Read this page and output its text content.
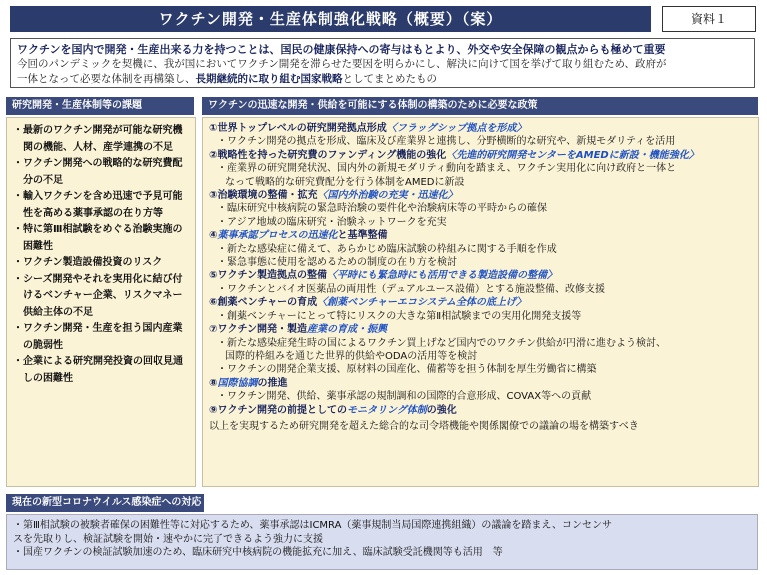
ワクチン開発・生産体制強化戦略（概要）（案）	資料１
ワクチンを国内で開発・生産出来る力を持つことは、国民の健康保持への寄与はもとより、外交や安全保障の観点からも極めて重要
今回のパンデミックを契機に、我が国においてワクチン開発を滞らせた要因を明らかにし、解決に向けて国を挙げて取り組むため、政府が
一体となって必要な体制を再構築し、長期継続的に取り組む国家戦略としてまとめたもの
研究開発・生産体制等の課題	ワクチンの迅速な開発・供給を可能にする体制の構築のために必要な政策
・最新のワクチン開発が可能な研究機関の機能、人材、産学連携の不足
・ワクチン開発への戦略的な研究費配分の不足
・輸入ワクチンを含め迅速で予見可能性を高める薬事承認の在り方等
・特に第Ⅲ相試験をめぐる治験実施の困難性
・ワクチン製造設備投資のリスク
・シーズ開発やそれを実用化に結び付けるベンチャー企業、リスクマネー供給主体の不足
・ワクチン開発・生産を担う国内産業の脆弱性
・企業による研究開発投資の回収見通しの困難性
①世界トップレベルの研究開発拠点形成〈フラッグシップ拠点を形成〉
・ワクチン開発の拠点を形成、臨床及び産業界と連携し、分野横断的な研究や、新規モダリティを活用
②戦略性を持った研究費のファンディング機能の強化〈先進的研究開発センターをAMEDに新設・機能強化〉
・産業界の研究開発状況、国内外の新規モダリティ動向を踏まえ、ワクチン実用化に向け政府と一体と
なって戦略的な研究費配分を行う体制をAMEDに新設
③治験環境の整備・拡充〈国内外治験の充実・迅速化〉
・臨床研究中核病院の緊急時治験の要件化や治験病床等の平時からの確保
・アジア地域の臨床研究・治験ネットワークを充実
④薬事承認プロセスの迅速化と基準整備
・新たな感染症に備えて、あらかじめ臨床試験の枠組みに関する手順を作成
・緊急事態に使用を認めるための制度の在り方を検討
⑤ワクチン製造拠点の整備〈平時にも緊急時にも活用できる製造設備の整備〉
・ワクチンとバイオ医薬品の両用性（デュアルユース設備）とする施設整備、改修支援
⑥創薬ベンチャーの育成〈創薬ベンチャーエコシステム全体の底上げ〉
・創薬ベンチャーにとって特にリスクの大きな第Ⅱ相試験までの実用化開発支援等
⑦ワクチン開発・製造産業の育成・振興
・新たな感染症発生時の国によるワクチン買上げなど国内でのワクチン供給が円滑に進むよう検討、
国際的枠組みを通じた世界的供給やODAの活用等を検討
・ワクチンの開発企業支援、原材料の国産化、備蓄等を担う体制を厚生労働省に構築
⑧国際協調の推進
・ワクチン開発、供給、薬事承認の規制調和の国際的合意形成、COVAX等への貢献
⑨ワクチン開発の前提としてのモニタリング体制の強化
以上を実現するため研究開発を超えた総合的な司令塔機能や関係閣僚での議論の場を構築すべき
現在の新型コロナウイルス感染症への対応
・第Ⅲ相試験の被験者確保の困難性等に対応するため、薬事承認はICMRA（薬事規制当局国際連携組織）の議論を踏まえ、コンセンサ
スを先取りし、検証試験を開始・速やかに完了できるよう強力に支援
・国産ワクチンの検証試験加速のため、臨床研究中核病院の機能拡充に加え、臨床試験受託機関等も活用　等
